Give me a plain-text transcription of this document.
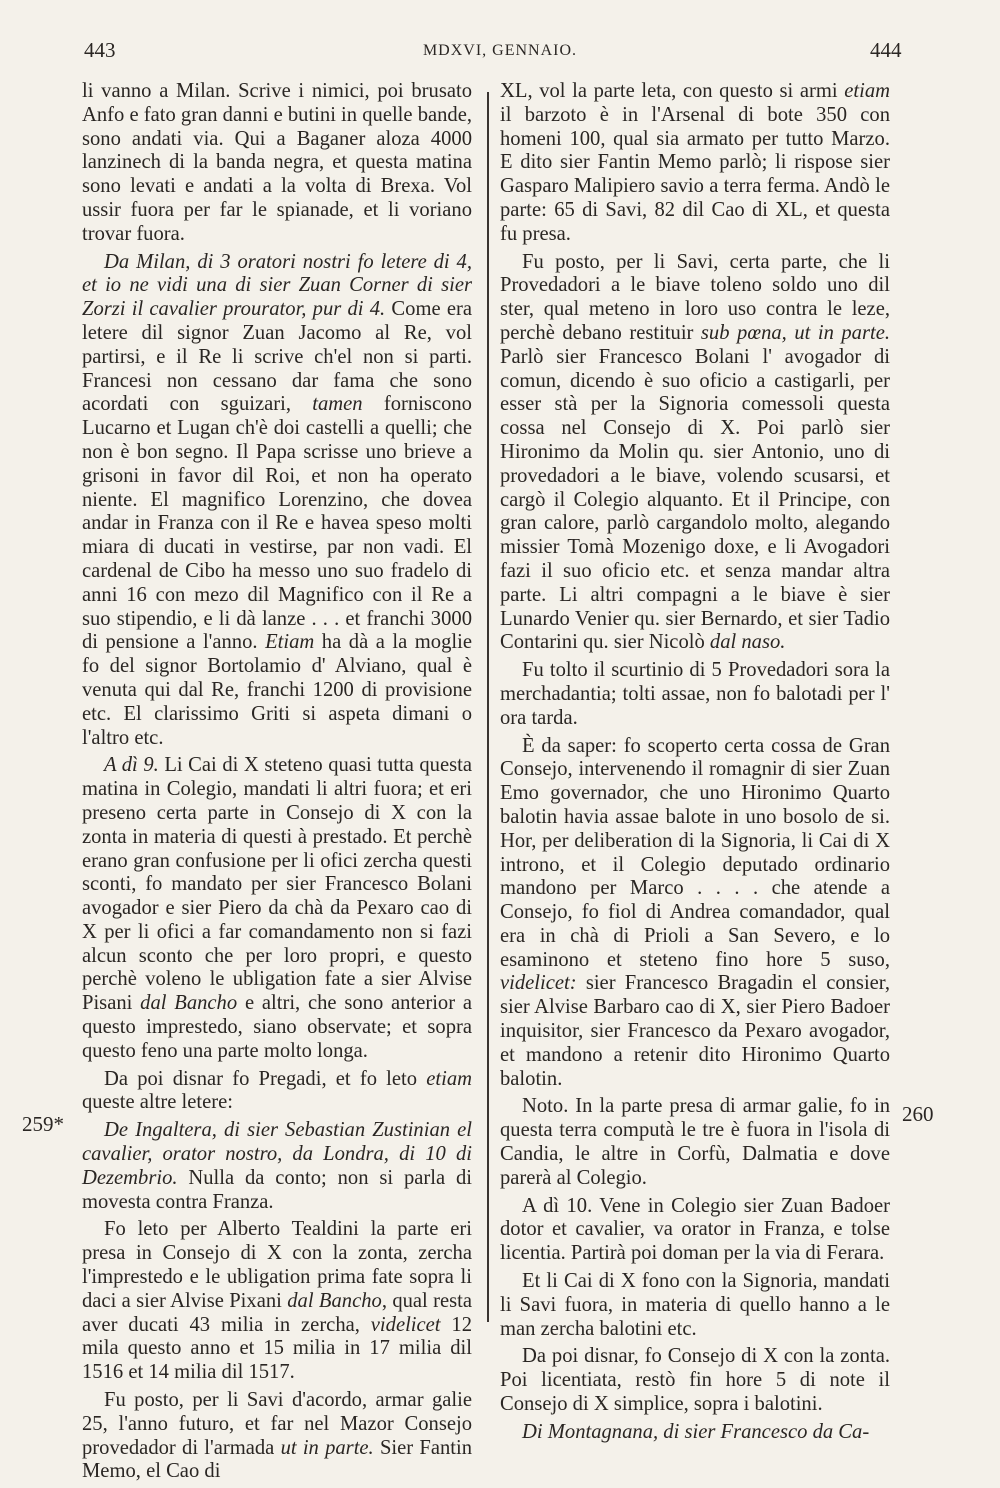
443	MDXVI, GENNAIO.	444
259*	260

li vanno a Milan. Scrive i nimici, poi brusato Anfo e fato gran danni e butini in quelle bande, sono andati via. Qui a Baganer aloza 4000 lanzinech di la banda negra, et questa matina sono levati e andati a la volta di Brexa. Vol ussir fuora per far le spianade, et li voriano trovar fuora.

Da Milan, di 3 oratori nostri fo letere di 4, et io ne vidi una di sier Zuan Corner di sier Zorzi il cavalier prourator, pur di 4. Come era letere dil signor Zuan Jacomo al Re, vol partirsi, e il Re li scrive ch'el non si parti. Francesi non cessano dar fama che sono acordati con sguizari, tamen forniscono Lucarno et Lugan ch'è doi castelli a quelli; che non è bon segno. Il Papa scrisse uno brieve a grisoni in favor dil Roi, et non ha operato niente. El magnifico Lorenzino, che dovea andar in Franza con il Re e havea speso molti miara di ducati in vestirse, par non vadi. El cardenal de Cibo ha messo uno suo fradelo di anni 16 con mezo dil Magnifico con il Re a suo stipendio, e li dà lanze . . . et franchi 3000 di pensione a l'anno. Etiam ha dà a la moglie fo del signor Bortolamio d' Alviano, qual è venuta qui dal Re, franchi 1200 di provisione etc. El clarissimo Griti si aspeta dimani o l'altro etc.

A dì 9. Li Cai di X steteno quasi tutta questa matina in Colegio, mandati li altri fuora; et eri preseno certa parte in Consejo di X con la zonta in materia di questi à prestado. Et perchè erano gran confusione per li ofici zercha questi sconti, fo mandato per sier Francesco Bolani avogador e sier Piero da chà da Pexaro cao di X per li ofici a far comandamento non si fazi alcun sconto che per loro propri, e questo perchè voleno le ubligation fate a sier Alvise Pisani dal Bancho e altri, che sono anterior a questo imprestedo, siano observate; et sopra questo feno una parte molto longa.

Da poi disnar fo Pregadi, et fo leto etiam queste altre letere:

De Ingaltera, di sier Sebastian Zustinian el cavalier, orator nostro, da Londra, di 10 di Dezembrio. Nulla da conto; non si parla di movesta contra Franza.

Fo leto per Alberto Tealdini la parte eri presa in Consejo di X con la zonta, zercha l'imprestedo e le ubligation prima fate sopra li daci a sier Alvise Pixani dal Bancho, qual resta aver ducati 43 milia in zercha, videlicet 12 mila questo anno et 15 milia in 17 milia dil 1516 et 14 milia dil 1517.

Fu posto, per li Savi d'acordo, armar galie 25, l'anno futuro, et far nel Mazor Consejo provedador di l'armada ut in parte. Sier Fantin Memo, el Cao di

XL, vol la parte leta, con questo si armi etiam il barzoto è in l'Arsenal di bote 350 con homeni 100, qual sia armato per tutto Marzo. E dito sier Fantin Memo parlò; li rispose sier Gasparo Malipiero savio a terra ferma. Andò le parte: 65 di Savi, 82 dil Cao di XL, et questa fu presa.

Fu posto, per li Savi, certa parte, che li Provedadori a le biave toleno soldo uno dil ster, qual meteno in loro uso contra le leze, perchè debano restituir sub pœna, ut in parte. Parlò sier Francesco Bolani l' avogador di comun, dicendo è suo oficio a castigarli, per esser stà per la Signoria comessoli questa cossa nel Consejo di X. Poi parlò sier Hironimo da Molin qu. sier Antonio, uno di provedadori a le biave, volendo scusarsi, et cargò il Colegio alquanto. Et il Principe, con gran calore, parlò cargandolo molto, alegando missier Tomà Mozenigo doxe, e li Avogadori fazi il suo oficio etc. et senza mandar altra parte. Li altri compagni a le biave è sier Lunardo Venier qu. sier Bernardo, et sier Tadio Contarini qu. sier Nicolò dal naso.

Fu tolto il scurtinio di 5 Provedadori sora la merchadantia; tolti assae, non fo balotadi per l' ora tarda.

È da saper: fo scoperto certa cossa de Gran Consejo, intervenendo il romagnir di sier Zuan Emo governador, che uno Hironimo Quarto balotin havia assae balote in uno bosolo de si. Hor, per deliberation di la Signoria, li Cai di X introno, et il Colegio deputado ordinario mandono per Marco . . . . che atende a Consejo, fo fiol di Andrea comandador, qual era in chà di Prioli a San Severo, e lo esaminono et steteno fino hore 5 suso, videlicet: sier Francesco Bragadin el consier, sier Alvise Barbaro cao di X, sier Piero Badoer inquisitor, sier Francesco da Pexaro avogador, et mandono a retenir dito Hironimo Quarto balotin.

Noto. In la parte presa di armar galie, fo in questa terra computà le tre è fuora in l'isola di Candia, le altre in Corfù, Dalmatia e dove parerà al Colegio.

A dì 10. Vene in Colegio sier Zuan Badoer dotor et cavalier, va orator in Franza, e tolse licentia. Partirà poi doman per la via di Ferara.

Et li Cai di X fono con la Signoria, mandati li Savi fuora, in materia di quello hanno a le man zercha balotini etc.

Da poi disnar, fo Consejo di X con la zonta. Poi licentiata, restò fin hore 5 di note il Consejo di X simplice, sopra i balotini.

Di Montagnana, di sier Francesco da Ca-
